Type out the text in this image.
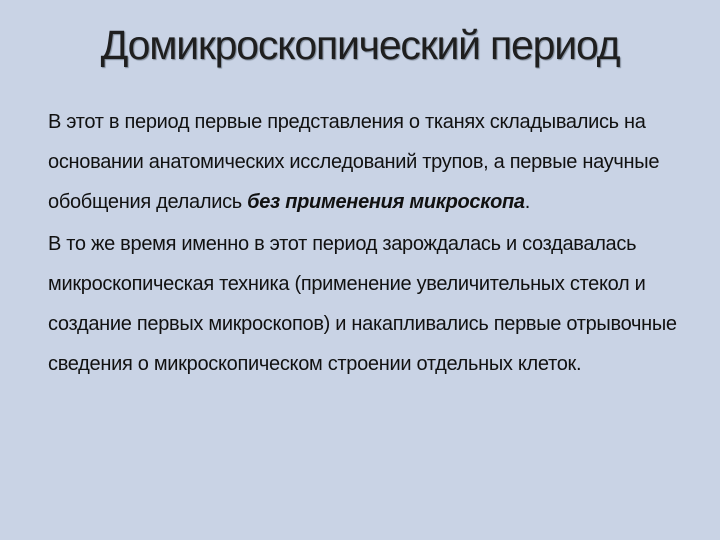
Домикроскопический период

В этот в период первые представления о тканях складывались на основании анатомических исследований трупов, а первые научные обобщения делались без применения микроскопа.

В то же время именно в этот период зарождалась и создавалась микроскопическая техника (применение увеличительных стекол и создание первых микроскопов) и накапливались первые отрывочные сведения о микроскопическом строении отдельных клеток.
